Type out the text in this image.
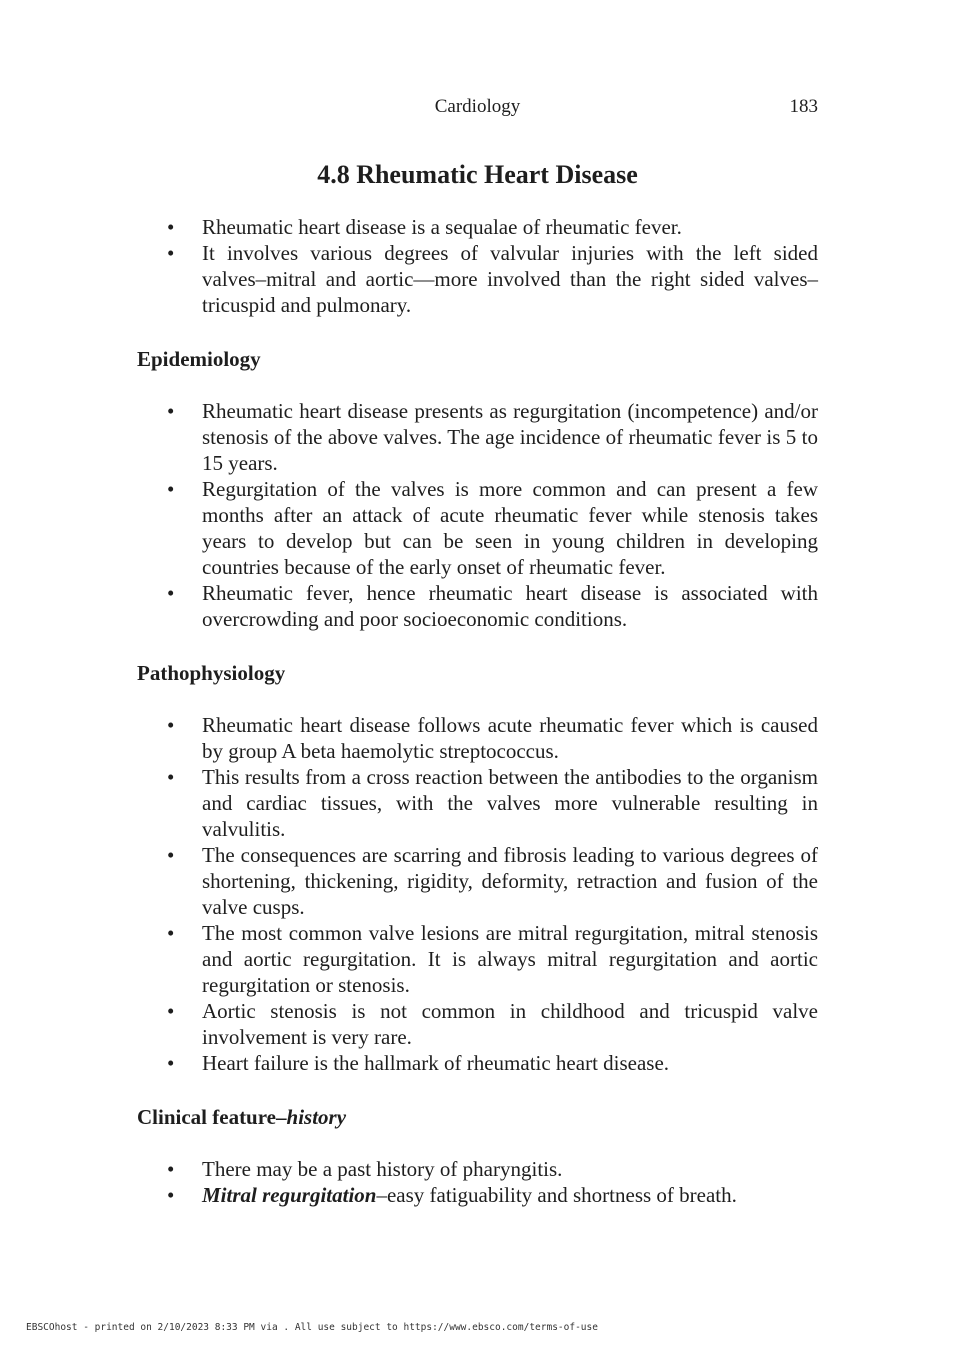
Cardiology	183
4.8 Rheumatic Heart Disease
• Rheumatic heart disease is a sequalae of rheumatic fever.
• It involves various degrees of valvular injuries with the left sided valves–mitral and aortic—more involved than the right sided valves– tricuspid and pulmonary.
Epidemiology
• Rheumatic heart disease presents as regurgitation (incompetence) and/or stenosis of the above valves. The age incidence of rheumatic fever is 5 to 15 years.
• Regurgitation of the valves is more common and can present a few months after an attack of acute rheumatic fever while stenosis takes years to develop but can be seen in young children in developing countries because of the early onset of rheumatic fever.
• Rheumatic fever, hence rheumatic heart disease is associated with overcrowding and poor socioeconomic conditions.
Pathophysiology
• Rheumatic heart disease follows acute rheumatic fever which is caused by group A beta haemolytic streptococcus.
• This results from a cross reaction between the antibodies to the organism and cardiac tissues, with the valves more vulnerable resulting in valvulitis.
• The consequences are scarring and fibrosis leading to various degrees of shortening, thickening, rigidity, deformity, retraction and fusion of the valve cusps.
• The most common valve lesions are mitral regurgitation, mitral stenosis and aortic regurgitation. It is always mitral regurgitation and aortic regurgitation or stenosis.
• Aortic stenosis is not common in childhood and tricuspid valve involvement is very rare.
• Heart failure is the hallmark of rheumatic heart disease.
Clinical feature–history
• There may be a past history of pharyngitis.
• Mitral regurgitation–easy fatiguability and shortness of breath.
EBSCOhost - printed on 2/10/2023 8:33 PM via . All use subject to https://www.ebsco.com/terms-of-use
